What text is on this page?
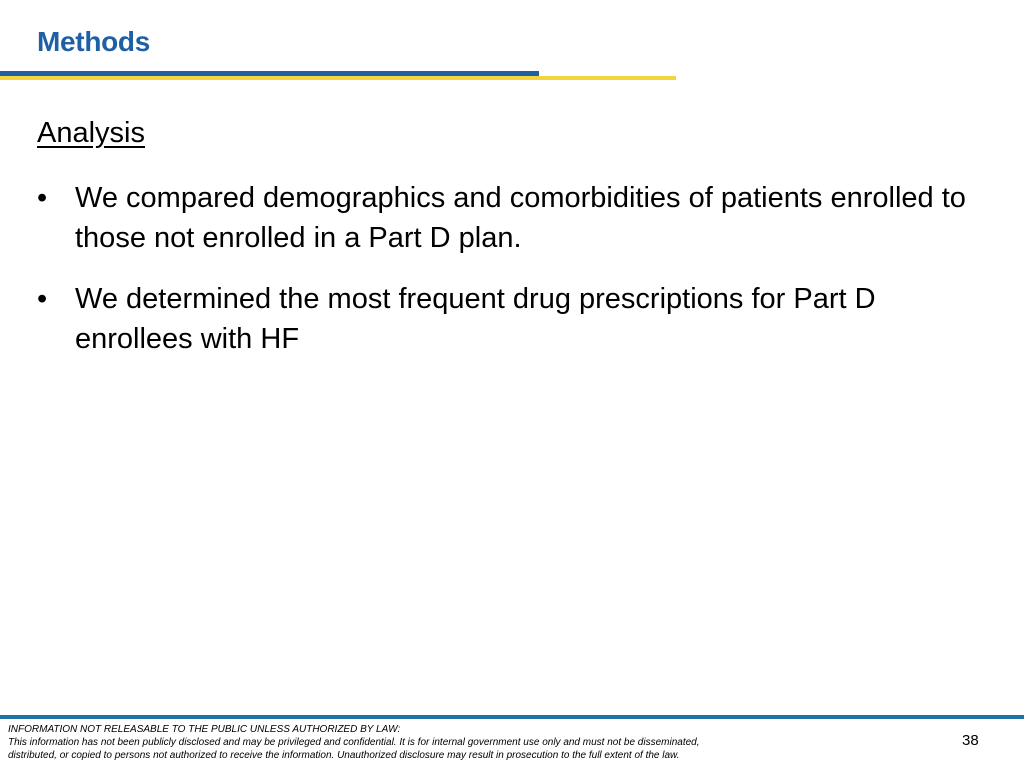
Methods
Analysis
• We compared demographics and comorbidities of patients enrolled to those not enrolled in a Part D plan.
• We determined the most frequent drug prescriptions for Part D enrollees with HF
INFORMATION NOT RELEASABLE TO THE PUBLIC UNLESS AUTHORIZED BY LAW:
This information has not been publicly disclosed and may be privileged and confidential. It is for internal government use only and must not be disseminated,
distributed, or copied to persons not authorized to receive the information. Unauthorized disclosure may result in prosecution to the full extent of the law.
38
